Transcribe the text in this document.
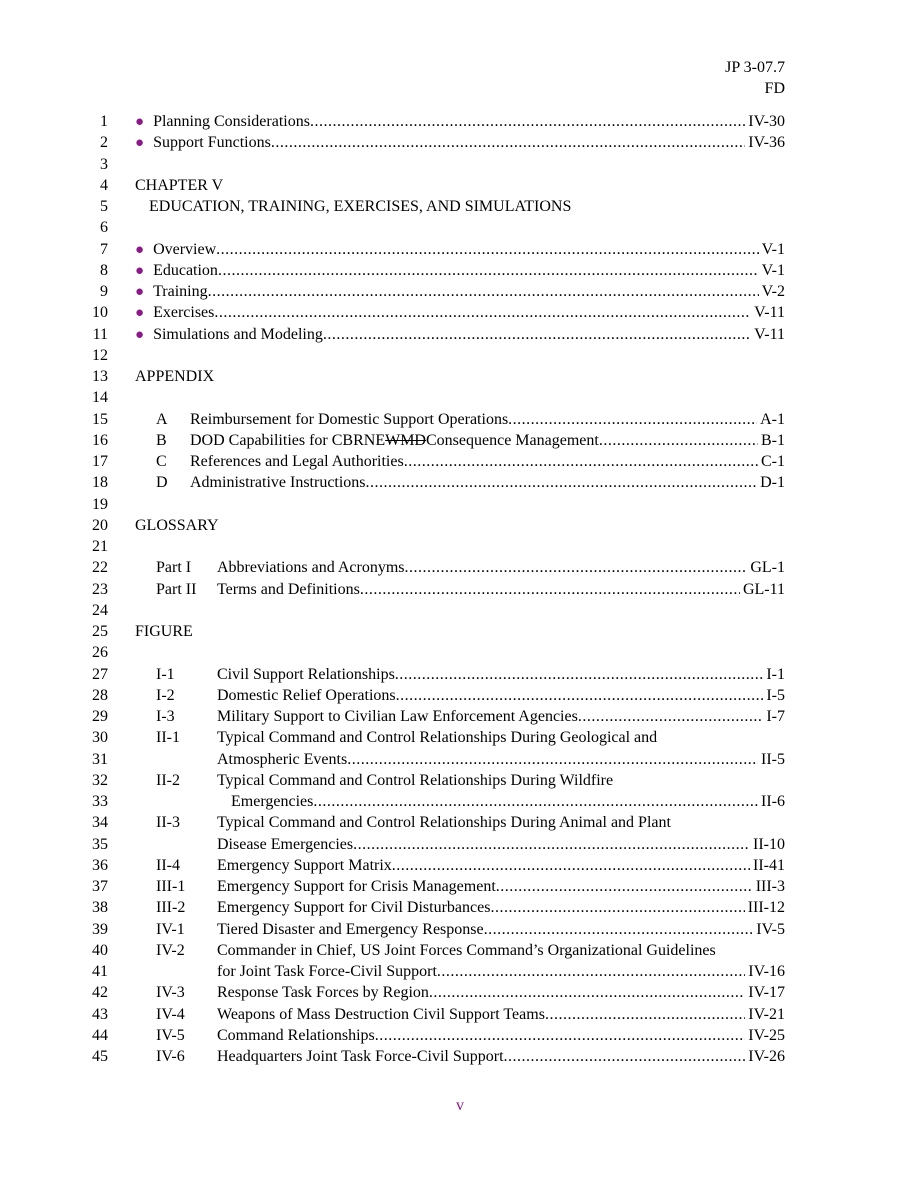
JP 3-07.7
FD
1 ● Planning Considerations .....	IV-30
2 ● Support Functions .....	IV-36
3
4 CHAPTER V
5	EDUCATION, TRAINING, EXERCISES, AND SIMULATIONS
6
7 ● Overview .....	V-1
8 ● Education .....	V-1
9 ● Training .....	V-2
10 ● Exercises .....	V-11
11 ● Simulations and Modeling .....	V-11
12
13 APPENDIX
14
15	A Reimbursement for Domestic Support Operations .....	A-1
16	B DOD Capabilities for CBRNE WMD Consequence Management .....	B-1
17	C References and Legal Authorities .....	C-1
18	D Administrative Instructions .....	D-1
19
20 GLOSSARY
21
22	Part I Abbreviations and Acronyms .....	GL-1
23	Part II Terms and Definitions .....	GL-11
24
25 FIGURE
26
27	I-1	Civil Support Relationships .....	I-1
28	I-2	Domestic Relief Operations .....	I-5
29	I-3	Military Support to Civilian Law Enforcement Agencies .....	I-7
30	II-1 Typical Command and Control Relationships During Geological and
31	Atmospheric Events .....	II-5
32	II-2 Typical Command and Control Relationships During Wildfire
33	Emergencies .....	II-6
34	II-3 Typical Command and Control Relationships During Animal and Plant
35	Disease Emergencies .....	II-10
36	II-4 Emergency Support Matrix .....	II-41
37	III-1 Emergency Support for Crisis Management .....	III-3
38	III-2 Emergency Support for Civil Disturbances .....	III-12
39	IV-1 Tiered Disaster and Emergency Response .....	IV-5
40	IV-2 Commander in Chief, US Joint Forces Command’s Organizational Guidelines
41	for Joint Task Force-Civil Support .....	IV-16
42	IV-3 Response Task Forces by Region .....	IV-17
43	IV-4 Weapons of Mass Destruction Civil Support Teams .....	IV-21
44	IV-5 Command Relationships .....	IV-25
45	IV-6 Headquarters Joint Task Force-Civil Support .....	IV-26
v
